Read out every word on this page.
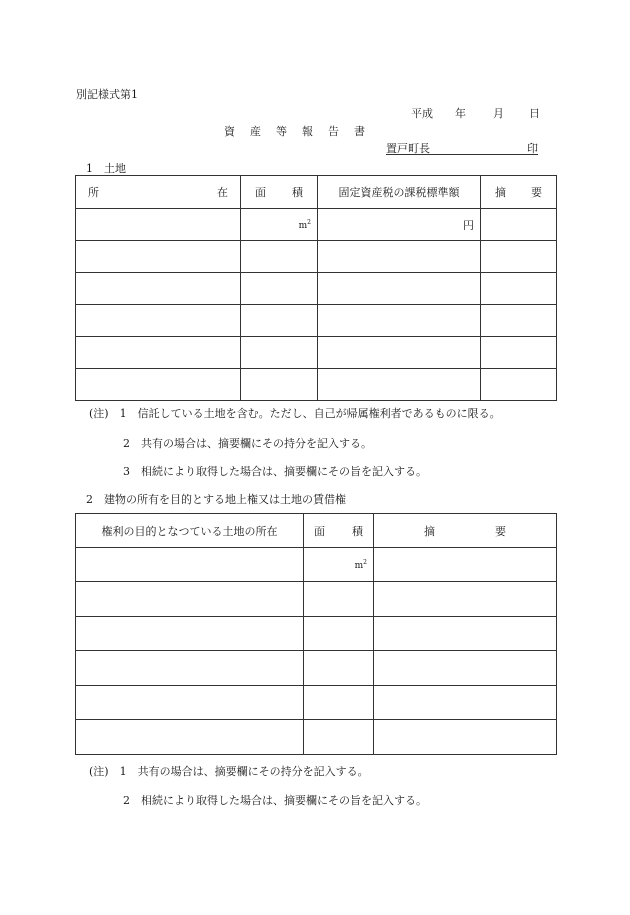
別記様式第1
平成 年 月 日
資 産 等 報 告 書
置戸町長	印
1　土地
所 在	面 積	固定資産税の課税標準額	摘 要

	$m^2$	円	

(注)　1　信託している土地を含む。ただし、自己が帰属権利者であるものに限る。
2　共有の場合は、摘要欄にその持分を記入する。
3　相続により取得した場合は、摘要欄にその旨を記入する。
2　建物の所有を目的とする地上権又は土地の賃借権
権利の目的となつている土地の所在	面 積	摘 要

	$m^2$	

(注)　1　共有の場合は、摘要欄にその持分を記入する。
2　相続により取得した場合は、摘要欄にその旨を記入する。
